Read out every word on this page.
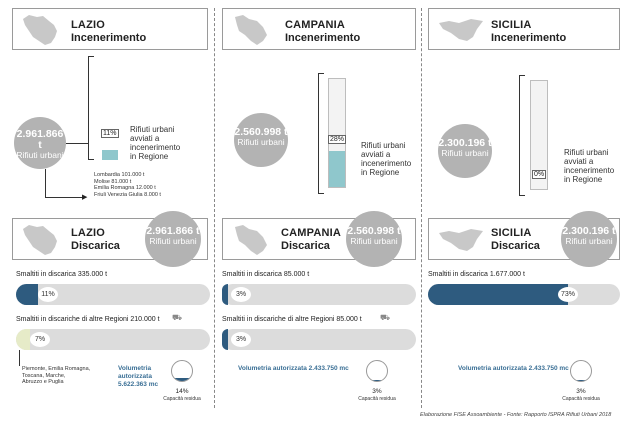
LAZIO
Incenerimento
CAMPANIA
Incenerimento
SICILIA
Incenerimento
2.961.866 t
Rifiuti urbani
11% Rifiuti urbani
avviati a
incenerimento
in Regione
▶
Lombardia 101.000 t
Molise 81.000 t
Emilia Romagna 12.000 t
Friuli Venezia Giulia 8.000 t
2.560.998 t
Rifiuti urbani	28%
Rifiuti urbani
avviati a
incenerimento
in Regione
2.300.196 t
Rifiuti urbani
0%
Rifiuti urbani
avviati a
incenerimento
in Regione
LAZIO
Discarica
2.961.866 t
Rifiuti urbani
CAMPANIA
Discarica
2.560.998 t
Rifiuti urbani
SICILIA
Discarica
2.300.196 t
Rifiuti urbani
Smaltiti in discarica 335.000 t
11%
Smaltiti in discarica 85.000 t
3%
Smaltiti in discarica 1.677.000 t
73%
Smaltiti in discariche di altre Regioni 210.000 t ⛟
7%
Smaltiti in discariche di altre Regioni 85.000 t ⛟
3%
Piemonte, Emilia Romagna,
Toscana, Marche,
Abruzzo e Puglia
Volumetria
autorizzata
5.622.363 mc
14%
Capacità residua
Volumetria autorizzata 2.433.750 mc
3%
Capacità residua
Volumetria autorizzata 2.433.750 mc
3%
Capacità residua
Elaborazione FISE Assoambiente - Fonte: Rapporto ISPRA Rifiuti Urbani 2018
